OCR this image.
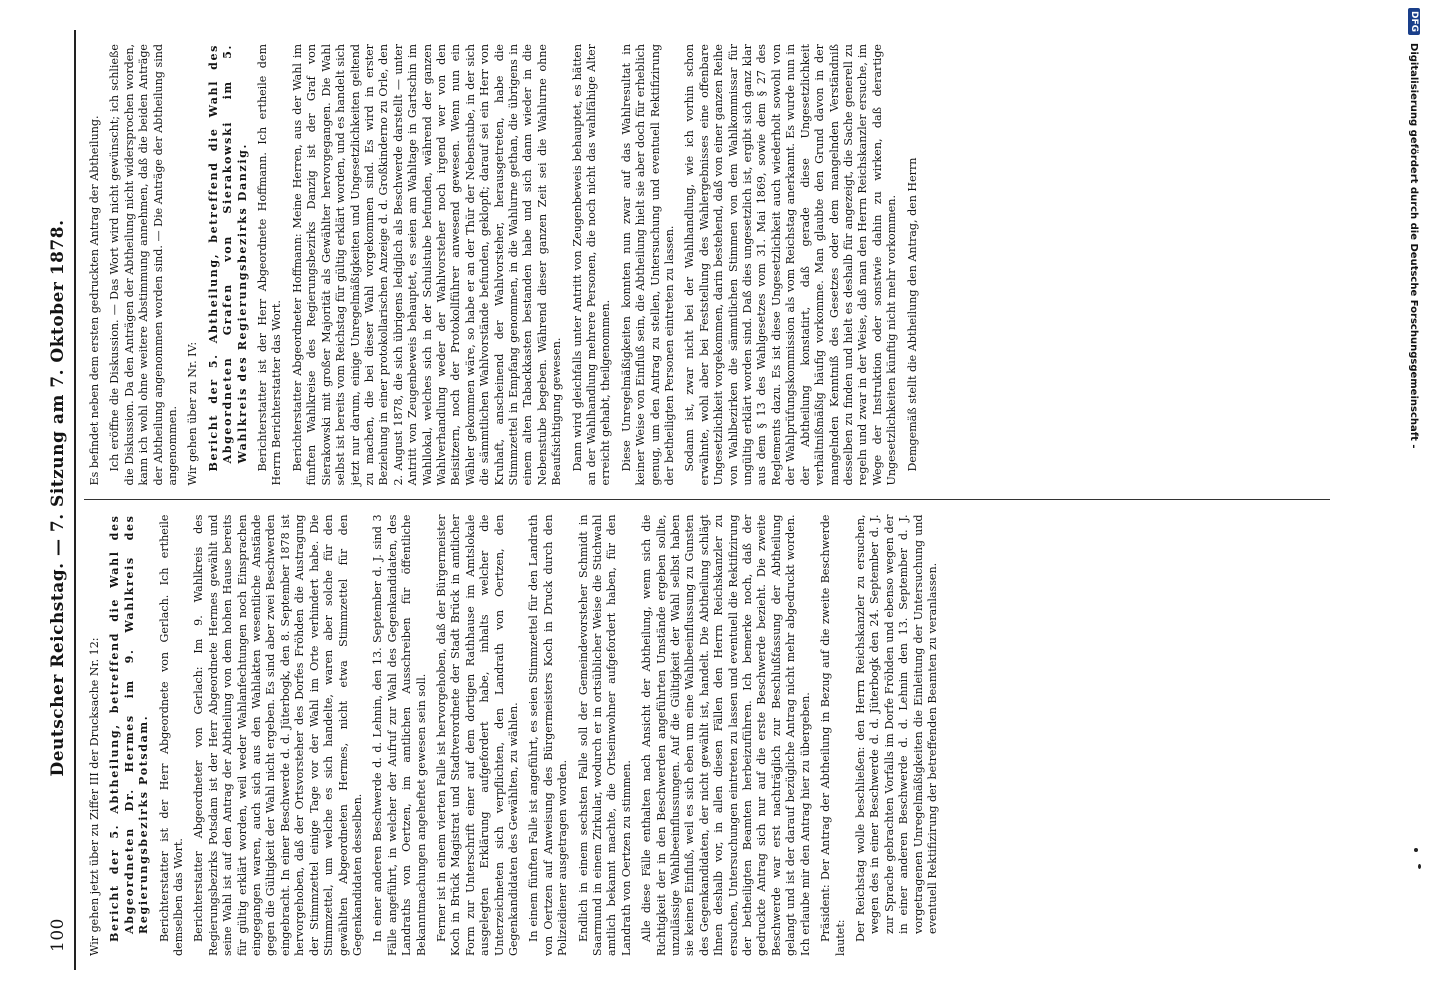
100
Deutscher Reichstag. — 7. Sitzung am 7. Oktober 1878.

Wir gehen jetzt über zu Ziffer III der Drucksache Nr. 12: Bericht der 5. Abtheilung, betreffend die Wahl des Abgeordneten Dr. Hermes im 9. Wahlkreis des Regierungsbezirks Potsdam. Berichterstatter ist der Herr Abgeordnete von Gerlach. Ich ertheile demselben das Wort. Berichterstatter Abgeordneter von Gerlach: Im 9. Wahlkreis des Regierungsbezirks Potsdam ist der Herr Abgeordnete Hermes gewählt und seine Wahl ist auf den Antrag der Abtheilung von dem hohen Hause bereits für gültig erklärt worden, weil weder Wahlanfechtungen noch Einsprachen eingegangen waren, auch sich aus den Wahlakten wesentliche Anstände gegen die Gültigkeit der Wahl nicht ergeben. Es sind aber zwei Beschwerden eingebracht. In einer Beschwerde d. d. Jüterbogk, den 8. September 1878 ist hervorgehoben, daß der Ortsvorsteher des Dorfes Fröhden die Austragung der Stimmzettel einige Tage vor der Wahl im Orte verhindert habe. Die Stimmzettel, um welche es sich handelte, waren aber solche für den gewählten Abgeordneten Hermes, nicht etwa Stimmzettel für den Gegenkandidaten desselben. In einer anderen Beschwerde d. d. Lehnin, den 13. September d. J. sind 3 Fälle angeführt, in welcher der Aufruf zur Wahl des Gegenkandidaten, des Landraths von Oertzen, im amtlichen Ausschreiben für öffentliche Bekanntmachungen angeheftet gewesen sein soll. Ferner ist in einem vierten Falle ist hervorgehoben, daß der Bürgermeister Koch in Brück Magistrat und Stadtverordnete der Stadt Brück in amtlicher Form zur Unterschrift einer auf dem dortigen Rathhause im Amtslokale ausgelegten Erklärung aufgefordert habe, inhalts welcher die Unterzeichneten sich verpflichten, den Landrath von Oertzen, den Gegenkandidaten des Gewählten, zu wählen. In einem fünften Falle ist angeführt, es seien Stimmzettel für den Landrath von Oertzen auf Anweisung des Bürgermeisters Koch in Druck durch den Polizeidiener ausgetragen worden. Endlich in einem sechsten Falle soll der Gemeindevorsteher Schmidt in Saarmund in einem Zirkular, wodurch er in ortsüblicher Weise die Stichwahl amtlich bekannt machte, die Ortseinwohner aufgefordert haben, für den Landrath von Oertzen zu stimmen. Alle diese Fälle enthalten nach Ansicht der Abtheilung, wenn sich die Richtigkeit der in den Beschwerden angeführten Umstände ergeben sollte, unzulässige Wahlbeeinflussungen. Auf die Gültigkeit der Wahl selbst haben sie keinen Einfluß, weil es sich eben um eine Wahlbeeinflussung zu Gunsten des Gegenkandidaten, der nicht gewählt ist, handelt. Die Abtheilung schlägt Ihnen deshalb vor, in allen diesen Fällen den Herrn Reichskanzler zu ersuchen, Untersuchungen eintreten zu lassen und eventuell die Rektifizirung der betheiligten Beamten herbeizuführen. Ich bemerke noch, daß der gedruckte Antrag sich nur auf die erste Beschwerde bezieht. Die zweite Beschwerde war erst nachträglich zur Beschlußfassung der Abtheilung gelangt und ist der darauf bezügliche Antrag nicht mehr abgedruckt worden. Ich erlaube mir den Antrag hier zu übergeben. Präsident: Der Antrag der Abtheilung in Bezug auf die zweite Beschwerde lautet: Der Reichstag wolle beschließen: den Herrn Reichskanzler zu ersuchen, wegen des in einer Beschwerde d. d. Jüterbogk den 24. September d. J. zur Sprache gebrachten Vorfalls im Dorfe Fröhden und ebenso wegen der in einer anderen Beschwerde d. d. Lehnin den 13. September d. J. vorgetragenen Unregelmäßigkeiten die Einleitung der Untersuchung und eventuell Rektifizirung der betreffenden Beamten zu veranlassen.

Es befindet neben dem ersten gedruckten Antrag der Abtheilung. Ich eröffne die Diskussion. — Das Wort wird nicht gewünscht; ich schließe die Diskussion. Da den Anträgen der Abtheilung nicht widersprochen worden, kann ich wohl ohne weitere Abstimmung annehmen, daß die beiden Anträge der Abtheilung angenommen worden sind. — Die Anträge der Abtheilung sind angenommen. Wir gehen über zu Nr. IV: Bericht der 5. Abtheilung, betreffend die Wahl des Abgeordneten Grafen von Sierakowski im 5. Wahlkreis des Regierungsbezirks Danzig. Berichterstatter ist der Herr Abgeordnete Hoffmann. Ich ertheile dem Herrn Berichterstatter das Wort. Berichterstatter Abgeordneter Hoffmann: Meine Herren, aus der Wahl im fünften Wahlkreise des Regierungsbezirks Danzig ist der Graf von Sierakowski mit großer Majorität als Gewählter hervorgegangen. Die Wahl selbst ist bereits vom Reichstag für gültig erklärt worden, und es handelt sich jetzt nur darum, einige Unregelmäßigkeiten und Ungesetzlichkeiten geltend zu machen, die bei dieser Wahl vorgekommen sind. Es wird in erster Beziehung in einer protokollarischen Anzeige d. d. Großkinderno zu Orle, den 2. August 1878, die sich übrigens lediglich als Beschwerde darstellt — unter Antritt von Zeugenbeweis behauptet, es seien am Wahltage in Gartschin im Wahllokal, welches sich in der Schulstube befunden, während der ganzen Wahlverhandlung weder der Wahlvorsteher noch irgend wer von den Beisitzern, noch der Protokollführer anwesend gewesen. Wenn nun ein Wähler gekommen wäre, so habe er an der Thür der Nebenstube, in der sich die sämmtlichen Wahlvorstände befunden, geklopft; darauf sei ein Herr von Kruhaft, anscheinend der Wahlvorsteher, herausgetreten, habe die Stimmzettel in Empfang genommen, in die Wahlurne gethan, die übrigens in einem alten Tabackkasten bestanden habe und sich dann wieder in die Nebenstube begeben. Während dieser ganzen Zeit sei die Wahlurne ohne Beaufsichtigung gewesen. Dann wird gleichfalls unter Antritt von Zeugenbeweis behauptet, es hätten an der Wahlhandlung mehrere Personen, die noch nicht das wahlfähige Alter erreicht gehabt, theilgenommen. Diese Unregelmäßigkeiten konnten nun zwar auf das Wahlresultat in keiner Weise von Einfluß sein, die Abtheilung hielt sie aber doch für erheblich genug, um den Antrag zu stellen, Untersuchung und eventuell Rektifizirung der betheiligten Personen eintreten zu lassen. Sodann ist, zwar nicht bei der Wahlhandlung, wie ich vorhin schon erwähnte, wohl aber bei Feststellung des Wahlergebnisses eine offenbare Ungesetzlichkeit vorgekommen, darin bestehend, daß von einer ganzen Reihe von Wahlbezirken die sämmtlichen Stimmen von dem Wahlkommissar für ungültig erklärt worden sind. Daß dies ungesetzlich ist, ergibt sich ganz klar aus dem § 13 des Wahlgesetzes vom 31. Mai 1869, sowie dem § 27 des Reglements dazu. Es ist diese Ungesetzlichkeit auch wiederholt sowohl von der Wahlprüfungskommission als vom Reichstag anerkannt. Es wurde nun in der Abtheilung konstatirt, daß gerade diese Ungesetzlichkeit verhältnißmäßig häufig vorkomme. Man glaubte den Grund davon in der mangelnden Kenntniß des Gesetzes oder dem mangelnden Verständniß desselben zu finden und hielt es deshalb für angezeigt, die Sache generell zu regeln und zwar in der Weise, daß man den Herrn Reichskanzler ersuche, im Wege der Instruktion oder sonstwie dahin zu wirken, daß derartige Ungesetzlichkeiten künftig nicht mehr vorkommen. Demgemäß stellt die Abtheilung den Antrag, den Herrn

DFG
Digitalisierung gefördert durch die Deutsche Forschungsgemeinschaft -
